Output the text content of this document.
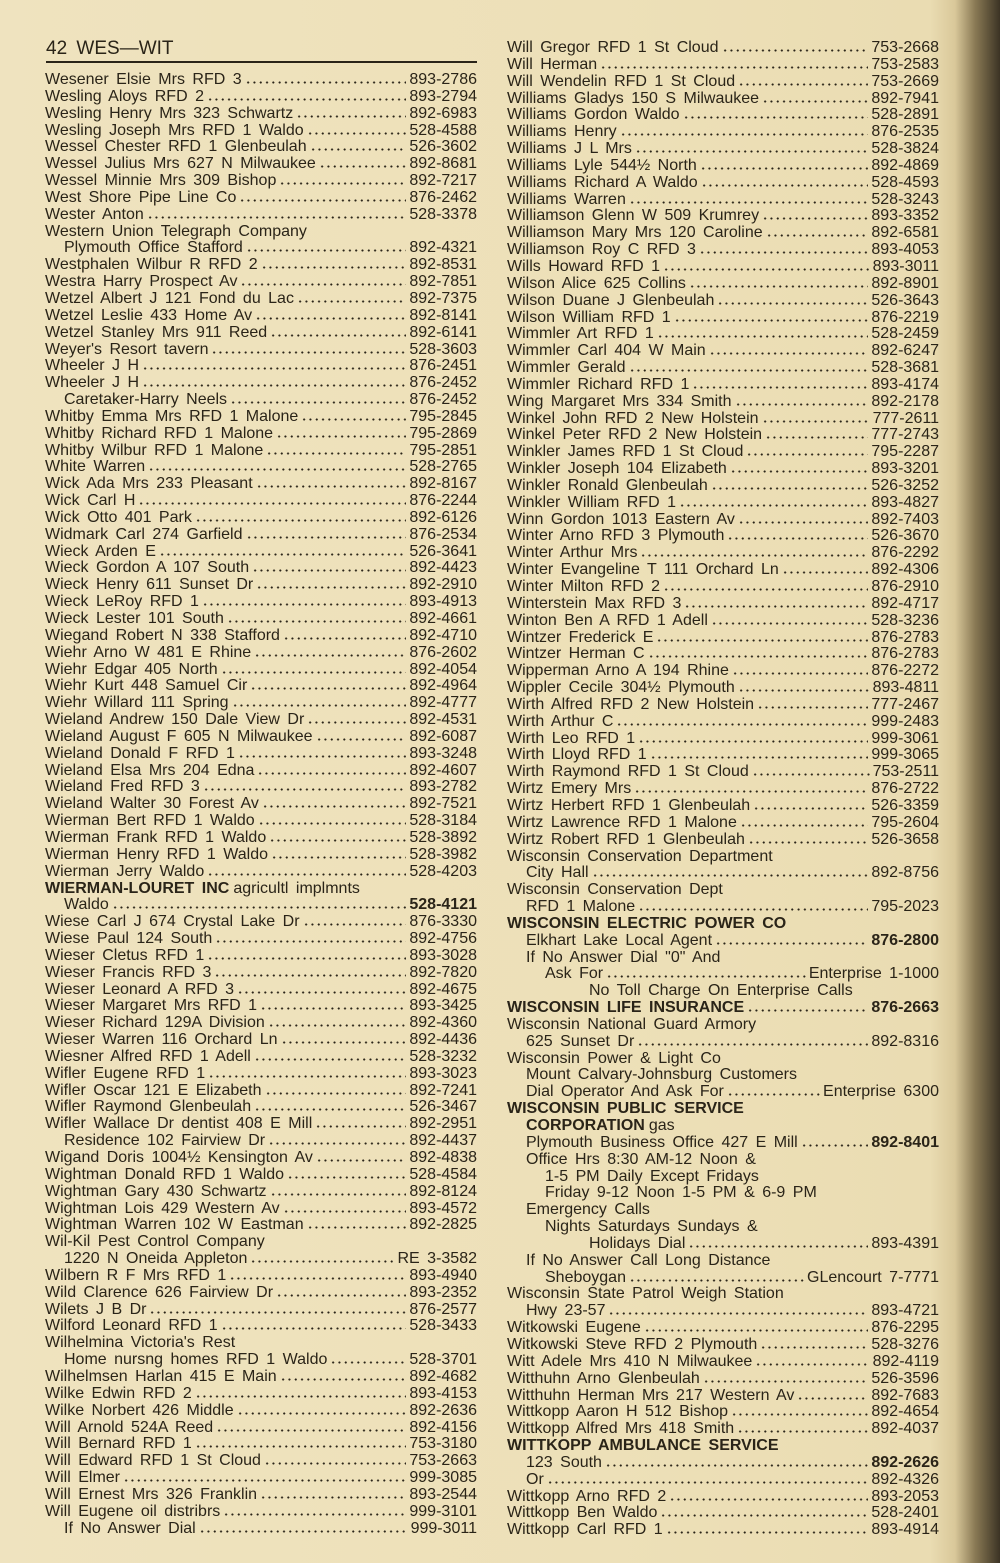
42 WES—WIT
Wesener Elsie Mrs RFD 3	893-2786
Wesling Aloys RFD 2	893-2794
Wesling Henry Mrs 323 Schwartz	892-6983
Wesling Joseph Mrs RFD 1 Waldo	528-4588
Wessel Chester RFD 1 Glenbeulah	526-3602
Wessel Julius Mrs 627 N Milwaukee	892-8681
Wessel Minnie Mrs 309 Bishop	892-7217
West Shore Pipe Line Co	876-2462
Wester Anton	528-3378
Western Union Telegraph Company
Plymouth Office Stafford	892-4321
Westphalen Wilbur R RFD 2	892-8531
Westra Harry Prospect Av	892-7851
Wetzel Albert J 121 Fond du Lac	892-7375
Wetzel Leslie 433 Home Av	892-8141
Wetzel Stanley Mrs 911 Reed	892-6141
Weyer's Resort tavern	528-3603
Wheeler J H	876-2451
Wheeler J H	876-2452
Caretaker-Harry Neels	876-2452
Whitby Emma Mrs RFD 1 Malone	795-2845
Whitby Richard RFD 1 Malone	795-2869
Whitby Wilbur RFD 1 Malone	795-2851
White Warren	528-2765
Wick Ada Mrs 233 Pleasant	892-8167
Wick Carl H	876-2244
Wick Otto 401 Park	892-6126
Widmark Carl 274 Garfield	876-2534
Wieck Arden E	526-3641
Wieck Gordon A 107 South	892-4423
Wieck Henry 611 Sunset Dr	892-2910
Wieck LeRoy RFD 1	893-4913
Wieck Lester 101 South	892-4661
Wiegand Robert N 338 Stafford	892-4710
Wiehr Arno W 481 E Rhine	876-2602
Wiehr Edgar 405 North	892-4054
Wiehr Kurt 448 Samuel Cir	892-4964
Wiehr Willard 111 Spring	892-4777
Wieland Andrew 150 Dale View Dr	892-4531
Wieland August F 605 N Milwaukee	892-6087
Wieland Donald F RFD 1	893-3248
Wieland Elsa Mrs 204 Edna	892-4607
Wieland Fred RFD 3	893-2782
Wieland Walter 30 Forest Av	892-7521
Wierman Bert RFD 1 Waldo	528-3184
Wierman Frank RFD 1 Waldo	528-3892
Wierman Henry RFD 1 Waldo	528-3982
Wierman Jerry Waldo	528-4203
WIERMAN-LOURET INC agricultl implmnts
Waldo	528-4121
Wiese Carl J 674 Crystal Lake Dr	876-3330
Wiese Paul 124 South	892-4756
Wieser Cletus RFD 1	893-3028
Wieser Francis RFD 3	892-7820
Wieser Leonard A RFD 3	892-4675
Wieser Margaret Mrs RFD 1	893-3425
Wieser Richard 129A Division	892-4360
Wieser Warren 116 Orchard Ln	892-4436
Wiesner Alfred RFD 1 Adell	528-3232
Wifler Eugene RFD 1	893-3023
Wifler Oscar 121 E Elizabeth	892-7241
Wifler Raymond Glenbeulah	526-3467
Wifler Wallace Dr dentist 408 E Mill	892-2951
Residence 102 Fairview Dr	892-4437
Wigand Doris 1004½ Kensington Av	892-4838
Wightman Donald RFD 1 Waldo	528-4584
Wightman Gary 430 Schwartz	892-8124
Wightman Lois 429 Western Av	893-4572
Wightman Warren 102 W Eastman	892-2825
Wil-Kil Pest Control Company
1220 N Oneida Appleton	RE 3-3582
Wilbern R F Mrs RFD 1	893-4940
Wild Clarence 626 Fairview Dr	893-2352
Wilets J B Dr	876-2577
Wilford Leonard RFD 1	528-3433
Wilhelmina Victoria's Rest
Home nursng homes RFD 1 Waldo	528-3701
Wilhelmsen Harlan 415 E Main	892-4682
Wilke Edwin RFD 2	893-4153
Wilke Norbert 426 Middle	892-2636
Will Arnold 524A Reed	892-4156
Will Bernard RFD 1	753-3180
Will Edward RFD 1 St Cloud	753-2663
Will Elmer	999-3085
Will Ernest Mrs 326 Franklin	893-2544
Will Eugene oil distribrs	999-3101
If No Answer Dial	999-3011
Will Gregor RFD 1 St Cloud	753-2668
Will Herman	753-2583
Will Wendelin RFD 1 St Cloud	753-2669
Williams Gladys 150 S Milwaukee	892-7941
Williams Gordon Waldo	528-2891
Williams Henry	876-2535
Williams J L Mrs	528-3824
Williams Lyle 544½ North	892-4869
Williams Richard A Waldo	528-4593
Williams Warren	528-3243
Williamson Glenn W 509 Krumrey	893-3352
Williamson Mary Mrs 120 Caroline	892-6581
Williamson Roy C RFD 3	893-4053
Wills Howard RFD 1	893-3011
Wilson Alice 625 Collins	892-8901
Wilson Duane J Glenbeulah	526-3643
Wilson William RFD 1	876-2219
Wimmler Art RFD 1	528-2459
Wimmler Carl 404 W Main	892-6247
Wimmler Gerald	528-3681
Wimmler Richard RFD 1	893-4174
Wing Margaret Mrs 334 Smith	892-2178
Winkel John RFD 2 New Holstein	777-2611
Winkel Peter RFD 2 New Holstein	777-2743
Winkler James RFD 1 St Cloud	795-2287
Winkler Joseph 104 Elizabeth	893-3201
Winkler Ronald Glenbeulah	526-3252
Winkler William RFD 1	893-4827
Winn Gordon 1013 Eastern Av	892-7403
Winter Arno RFD 3 Plymouth	526-3670
Winter Arthur Mrs	876-2292
Winter Evangeline T 111 Orchard Ln	892-4306
Winter Milton RFD 2	876-2910
Winterstein Max RFD 3	892-4717
Winton Ben A RFD 1 Adell	528-3236
Wintzer Frederick E	876-2783
Wintzer Herman C	876-2783
Wipperman Arno A 194 Rhine	876-2272
Wippler Cecile 304½ Plymouth	893-4811
Wirth Alfred RFD 2 New Holstein	777-2467
Wirth Arthur C	999-2483
Wirth Leo RFD 1	999-3061
Wirth Lloyd RFD 1	999-3065
Wirth Raymond RFD 1 St Cloud	753-2511
Wirtz Emery Mrs	876-2722
Wirtz Herbert RFD 1 Glenbeulah	526-3359
Wirtz Lawrence RFD 1 Malone	795-2604
Wirtz Robert RFD 1 Glenbeulah	526-3658
Wisconsin Conservation Department
City Hall	892-8756
Wisconsin Conservation Dept
RFD 1 Malone	795-2023
WISCONSIN ELECTRIC POWER CO
Elkhart Lake Local Agent	876-2800
If No Answer Dial "0" And
Ask For	Enterprise 1-1000
No Toll Charge On Enterprise Calls
WISCONSIN LIFE INSURANCE	876-2663
Wisconsin National Guard Armory
625 Sunset Dr	892-8316
Wisconsin Power & Light Co
Mount Calvary-Johnsburg Customers
Dial Operator And Ask For	Enterprise 6300
WISCONSIN PUBLIC SERVICE
CORPORATION gas
Plymouth Business Office 427 E Mill	892-8401
Office Hrs 8:30 AM-12 Noon &
1-5 PM Daily Except Fridays
Friday 9-12 Noon 1-5 PM & 6-9 PM
Emergency Calls
Nights Saturdays Sundays &
Holidays Dial	893-4391
If No Answer Call Long Distance
Sheboygan	GLencourt 7-7771
Wisconsin State Patrol Weigh Station
Hwy 23-57	893-4721
Witkowski Eugene	876-2295
Witkowski Steve RFD 2 Plymouth	528-3276
Witt Adele Mrs 410 N Milwaukee	892-4119
Witthuhn Arno Glenbeulah	526-3596
Witthuhn Herman Mrs 217 Western Av	892-7683
Wittkopp Aaron H 512 Bishop	892-4654
Wittkopp Alfred Mrs 418 Smith	892-4037
WITTKOPP AMBULANCE SERVICE
123 South	892-2626
Or	892-4326
Wittkopp Arno RFD 2	893-2053
Wittkopp Ben Waldo	528-2401
Wittkopp Carl RFD 1	893-4914
